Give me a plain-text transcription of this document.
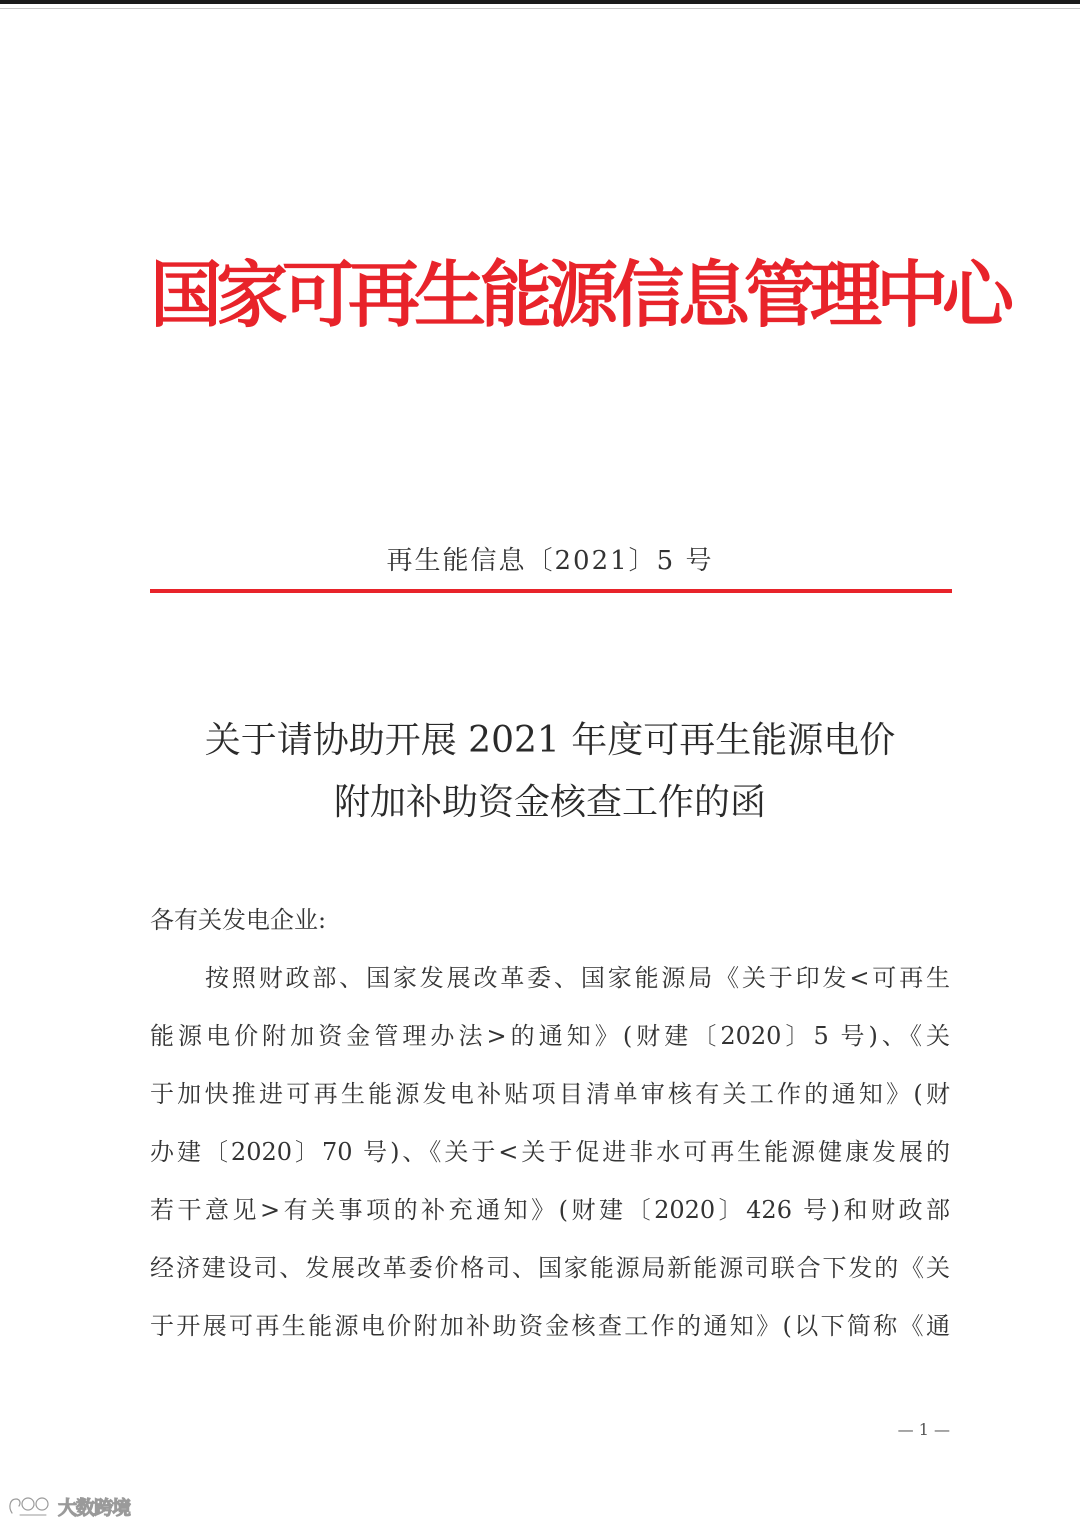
国家可再生能源信息管理中心
再生能信息〔2021〕5 号
关于请协助开展 2021 年度可再生能源电价
附加补助资金核查工作的函
各有关发电企业:
按照财政部、国家发展改革委、国家能源局《关于印发<可再生
能源电价附加资金管理办法>的通知》(财建〔2020〕5 号)、《关
于加快推进可再生能源发电补贴项目清单审核有关工作的通知》(财
办建〔2020〕70 号)、《关于<关于促进非水可再生能源健康发展的
若干意见>有关事项的补充通知》(财建〔2020〕426 号)和财政部
经济建设司、发展改革委价格司、国家能源局新能源司联合下发的《关
于开展可再生能源电价附加补助资金核查工作的通知》(以下简称《通
— 1 —
大数跨境
